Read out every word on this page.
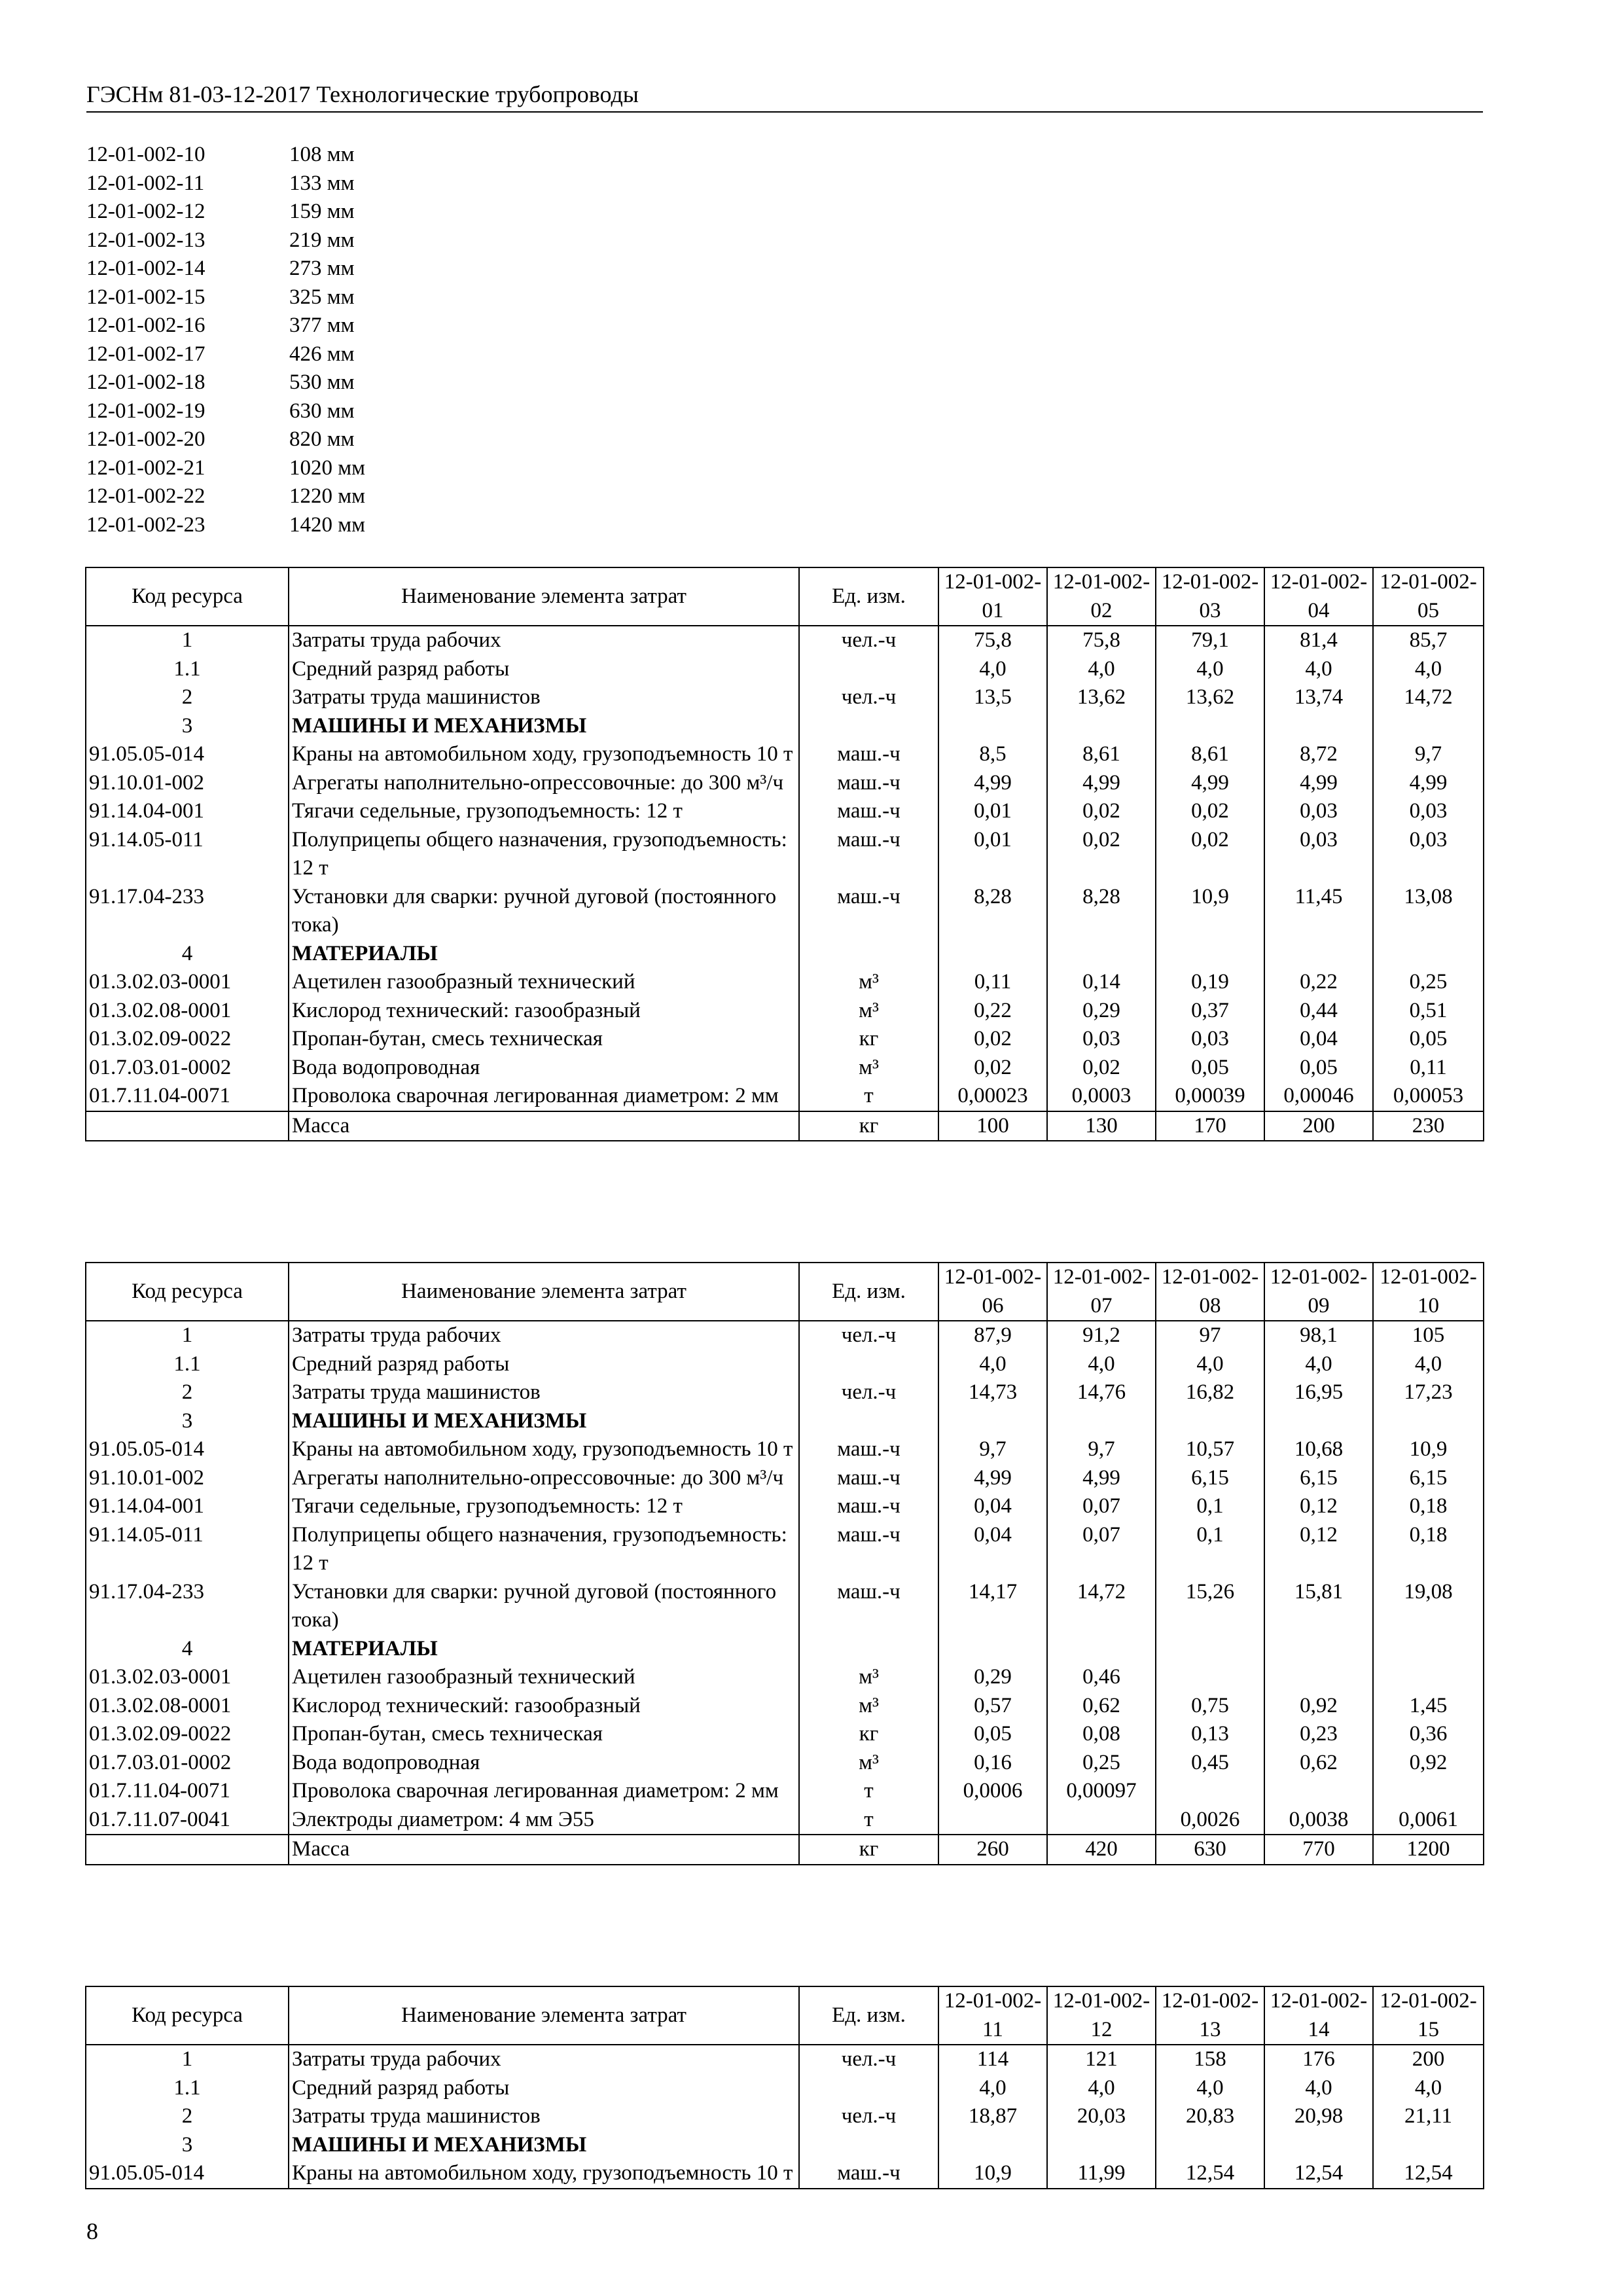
ГЭСНм 81-03-12-2017 Технологические трубопроводы
12-01-002-10	108 мм
12-01-002-11	133 мм
12-01-002-12	159 мм
12-01-002-13	219 мм
12-01-002-14	273 мм
12-01-002-15	325 мм
12-01-002-16	377 мм
12-01-002-17	426 мм
12-01-002-18	530 мм
12-01-002-19	630 мм
12-01-002-20	820 мм
12-01-002-21	1020 мм
12-01-002-22	1220 мм
12-01-002-23	1420 мм
Код ресурса	Наименование элемента затрат	Ед. изм.	12-01-002-01	12-01-002-02	12-01-002-03	12-01-002-04	12-01-002-05
1	Затраты труда рабочих	чел.-ч	75,8	75,8	79,1	81,4	85,7
1.1	Средний разряд работы		4,0	4,0	4,0	4,0	4,0
2	Затраты труда машинистов	чел.-ч	13,5	13,62	13,62	13,74	14,72
3	МАШИНЫ И МЕХАНИЗМЫ						
91.05.05-014	Краны на автомобильном ходу, грузоподъемность 10 т	маш.-ч	8,5	8,61	8,61	8,72	9,7
91.10.01-002	Агрегаты наполнительно-опрессовочные: до 300 м³/ч	маш.-ч	4,99	4,99	4,99	4,99	4,99
91.14.04-001	Тягачи седельные, грузоподъемность: 12 т	маш.-ч	0,01	0,02	0,02	0,03	0,03
91.14.05-011	Полуприцепы общего назначения, грузоподъемность: 12 т	маш.-ч	0,01	0,02	0,02	0,03	0,03
91.17.04-233	Установки для сварки: ручной дуговой (постоянного тока)	маш.-ч	8,28	8,28	10,9	11,45	13,08
4	МАТЕРИАЛЫ						
01.3.02.03-0001	Ацетилен газообразный технический	м³	0,11	0,14	0,19	0,22	0,25
01.3.02.08-0001	Кислород технический: газообразный	м³	0,22	0,29	0,37	0,44	0,51
01.3.02.09-0022	Пропан-бутан, смесь техническая	кг	0,02	0,03	0,03	0,04	0,05
01.7.03.01-0002	Вода водопроводная	м³	0,02	0,02	0,05	0,05	0,11
01.7.11.04-0071	Проволока сварочная легированная диаметром: 2 мм	т	0,00023	0,0003	0,00039	0,00046	0,00053
	Масса	кг	100	130	170	200	230
Код ресурса	Наименование элемента затрат	Ед. изм.	12-01-002-06	12-01-002-07	12-01-002-08	12-01-002-09	12-01-002-10
1	Затраты труда рабочих	чел.-ч	87,9	91,2	97	98,1	105
1.1	Средний разряд работы		4,0	4,0	4,0	4,0	4,0
2	Затраты труда машинистов	чел.-ч	14,73	14,76	16,82	16,95	17,23
3	МАШИНЫ И МЕХАНИЗМЫ						
91.05.05-014	Краны на автомобильном ходу, грузоподъемность 10 т	маш.-ч	9,7	9,7	10,57	10,68	10,9
91.10.01-002	Агрегаты наполнительно-опрессовочные: до 300 м³/ч	маш.-ч	4,99	4,99	6,15	6,15	6,15
91.14.04-001	Тягачи седельные, грузоподъемность: 12 т	маш.-ч	0,04	0,07	0,1	0,12	0,18
91.14.05-011	Полуприцепы общего назначения, грузоподъемность: 12 т	маш.-ч	0,04	0,07	0,1	0,12	0,18
91.17.04-233	Установки для сварки: ручной дуговой (постоянного тока)	маш.-ч	14,17	14,72	15,26	15,81	19,08
4	МАТЕРИАЛЫ						
01.3.02.03-0001	Ацетилен газообразный технический	м³	0,29	0,46			
01.3.02.08-0001	Кислород технический: газообразный	м³	0,57	0,62	0,75	0,92	1,45
01.3.02.09-0022	Пропан-бутан, смесь техническая	кг	0,05	0,08	0,13	0,23	0,36
01.7.03.01-0002	Вода водопроводная	м³	0,16	0,25	0,45	0,62	0,92
01.7.11.04-0071	Проволока сварочная легированная диаметром: 2 мм	т	0,0006	0,00097			
01.7.11.07-0041	Электроды диаметром: 4 мм Э55	т			0,0026	0,0038	0,0061
	Масса	кг	260	420	630	770	1200
Код ресурса	Наименование элемента затрат	Ед. изм.	12-01-002-11	12-01-002-12	12-01-002-13	12-01-002-14	12-01-002-15
1	Затраты труда рабочих	чел.-ч	114	121	158	176	200
1.1	Средний разряд работы		4,0	4,0	4,0	4,0	4,0
2	Затраты труда машинистов	чел.-ч	18,87	20,03	20,83	20,98	21,11
3	МАШИНЫ И МЕХАНИЗМЫ						
91.05.05-014	Краны на автомобильном ходу, грузоподъемность 10 т	маш.-ч	10,9	11,99	12,54	12,54	12,54
8
